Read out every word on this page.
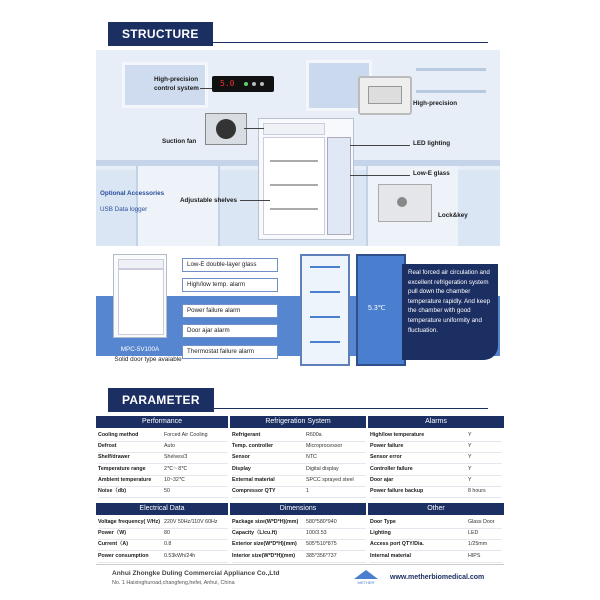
STRUCTURE
5.0
High-precision
control system
Suction fan
High-precision
LED lighting
Low-E glass
Lock&key
Optional Accessories
USB Data logger
Adjustable shelves
MPC-5V100A
Solid door type avaiable
Low-E double-layer glass
High/low temp. alarm
Power failure alarm
Door ajar alarm
Thermostat failure alarm
5.3℃
Real forced air circulation and excellent refrigeration system pull down the chamber temperature rapidly. And keep the chamber with good temperature uniformity and fluctuation.
PARAMETER
Performance	Refrigeration System	Alarms
Cooling method	Forced Air Cooling
Defrost	Auto
Shelf/drawer	Shelves/3
Temperature range	2℃～8℃
Ambient temperature 10~32℃
Noise（db)	50
Refrigerant	R600a
Temp. controller	Microprocessor
Sensor	NTC
Display	Digital display
External material	SPCC sprayed steel
Compressor QTY	1
High/low temperature	Y
Power failure	Y
Sensor error	Y
Controller failure	Y
Door ajar	Y
Power failure backup	8 hours
Electrical Data	Dimensions	Other
Voltage frequency( V/Hz) 220V 50Hz/110V 60Hz
Power（W)	80
Current（A)	0.8
Power consumption	0.53kWh/24h
Package size(W*D*H)(mm) 580*580*940
Capacity（L/cu.ft)	100/3.53
Exterior size(W*D*H)(mm) 505*510*875
Interior size(W*D*H)(mm) 385*356*737
Door Type	Glass Door
Lighting	LED
Access port QTY/Dia.	1/25mm
Internal material	HIPS
Anhui Zhongke Duling Commercial Appliance Co.,Ltd
No. 1 Haixinghuroad,changfeng,hefei, Anhui, China	METHER
www.metherbiomedical.com
